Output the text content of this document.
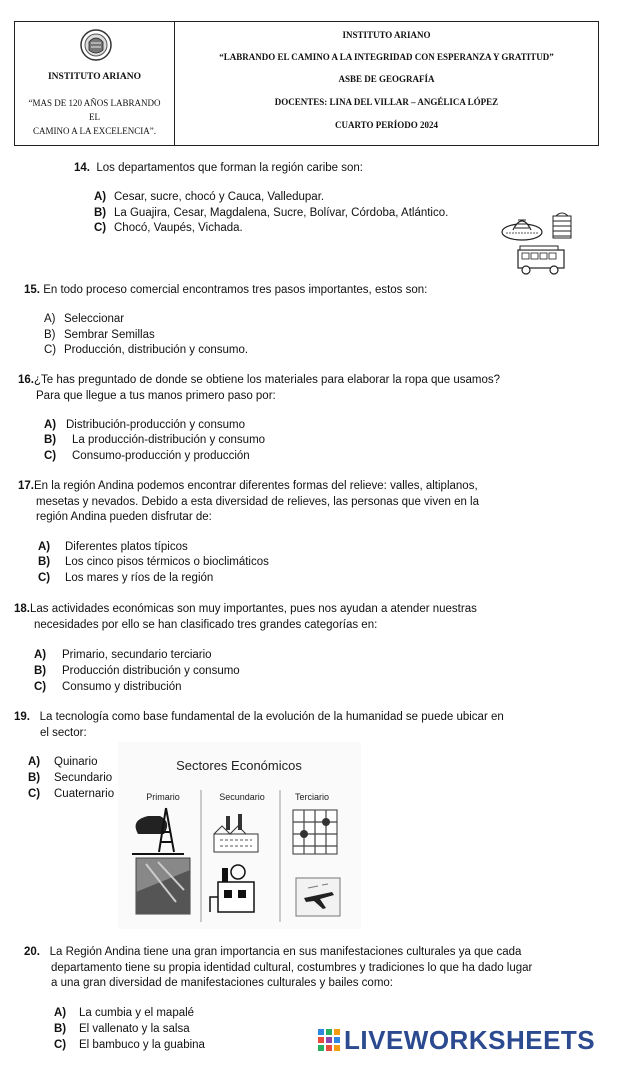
INSTITUTO ARIANO
“MAS DE 120 AÑOS LABRANDO
EL
CAMINO A LA EXCELENCIA”.
INSTITUTO ARIANO
“LABRANDO EL CAMINO A LA INTEGRIDAD CON ESPERANZA Y GRATITUD”
ASBE DE GEOGRAFÍA
DOCENTES: LINA DEL VILLAR – ANGÉLICA LÓPEZ
CUARTO PERÍODO 2024
14. Los departamentos que forman la región caribe son:
A) Cesar, sucre, chocó y Cauca, Valledupar.
B) La Guajira, Cesar, Magdalena, Sucre, Bolívar, Córdoba, Atlántico.
C) Chocó, Vaupés, Vichada.
15. En todo proceso comercial encontramos tres pasos importantes, estos son:
A) Seleccionar
B) Sembrar Semillas
C) Producción, distribución y consumo.
16.¿Te has preguntado de donde se obtiene los materiales para elaborar la ropa que usamos?
Para que llegue a tus manos primero paso por:
A) Distribución-producción y consumo
B) La producción-distribución y consumo
C) Consumo-producción y producción
17.En la región Andina podemos encontrar diferentes formas del relieve: valles, altiplanos,
mesetas y nevados. Debido a esta diversidad de relieves, las personas que viven en la
región Andina pueden disfrutar de:
A) Diferentes platos típicos
B) Los cinco pisos térmicos o bioclimáticos
C) Los mares y ríos de la región
18.Las actividades económicas son muy importantes, pues nos ayudan a atender nuestras
necesidades por ello se han clasificado tres grandes categorías en:
A) Primario, secundario terciario
B) Producción distribución y consumo
C) Consumo y distribución
19. La tecnología como base fundamental de la evolución de la humanidad se puede ubicar en
el sector:
A) Quinario
B) Secundario
C) Cuaternario
Sectores Económicos
Primario	Secundario	Terciario
20. La Región Andina tiene una gran importancia en sus manifestaciones culturales ya que cada
departamento tiene su propia identidad cultural, costumbres y tradiciones lo que ha dado lugar
a una gran diversidad de manifestaciones culturales y bailes como:
A) La cumbia y el mapalé
B) El vallenato y la salsa
C) El bambuco y la guabina	LIVEWORKSHEETS
